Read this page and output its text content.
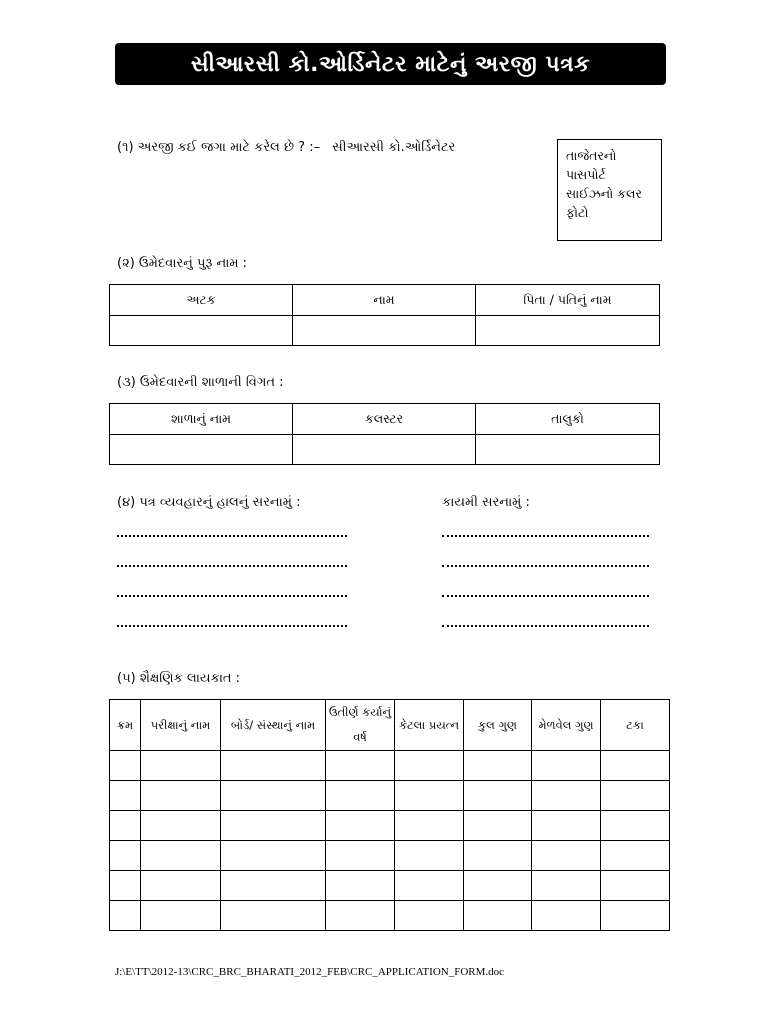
સીઆરસી કો.ઓર્ડિનેટર માટેનું અરજી પત્રક
(૧) અરજી કઈ જગા માટે કરેલ છે ? :– સીઆરસી કો.ઓર્ડિનેટર
તાજેતરનો
પાસપોર્ટ
સાઈઝનો કલર
ફોટો
(૨) ઉમેદવારનું પુરૂ નામ :
અટક	નામ	પિતા / પતિનું નામ

(૩) ઉમેદવારની શાળાની વિગત :
શાળાનું નામ	કલસ્ટર	તાલુકો

(૪) પત્ર વ્યવહારનું હાલનું સરનામું :	કાયમી સરનામું :
(૫) શૈક્ષણિક લાયકાત :
ક્રમ	પરીક્ષાનું નામ	બોર્ડ/ સંસ્થાનું નામ	ઉતીર્ણ કર્યાનું વર્ષ	કેટલા પ્રયત્ન	કુલ ગુણ	મેળવેલ ગુણ	ટકા

J:\E\TT\2012-13\CRC_BRC_BHARATI_2012_FEB\CRC_APPLICATION_FORM.doc
